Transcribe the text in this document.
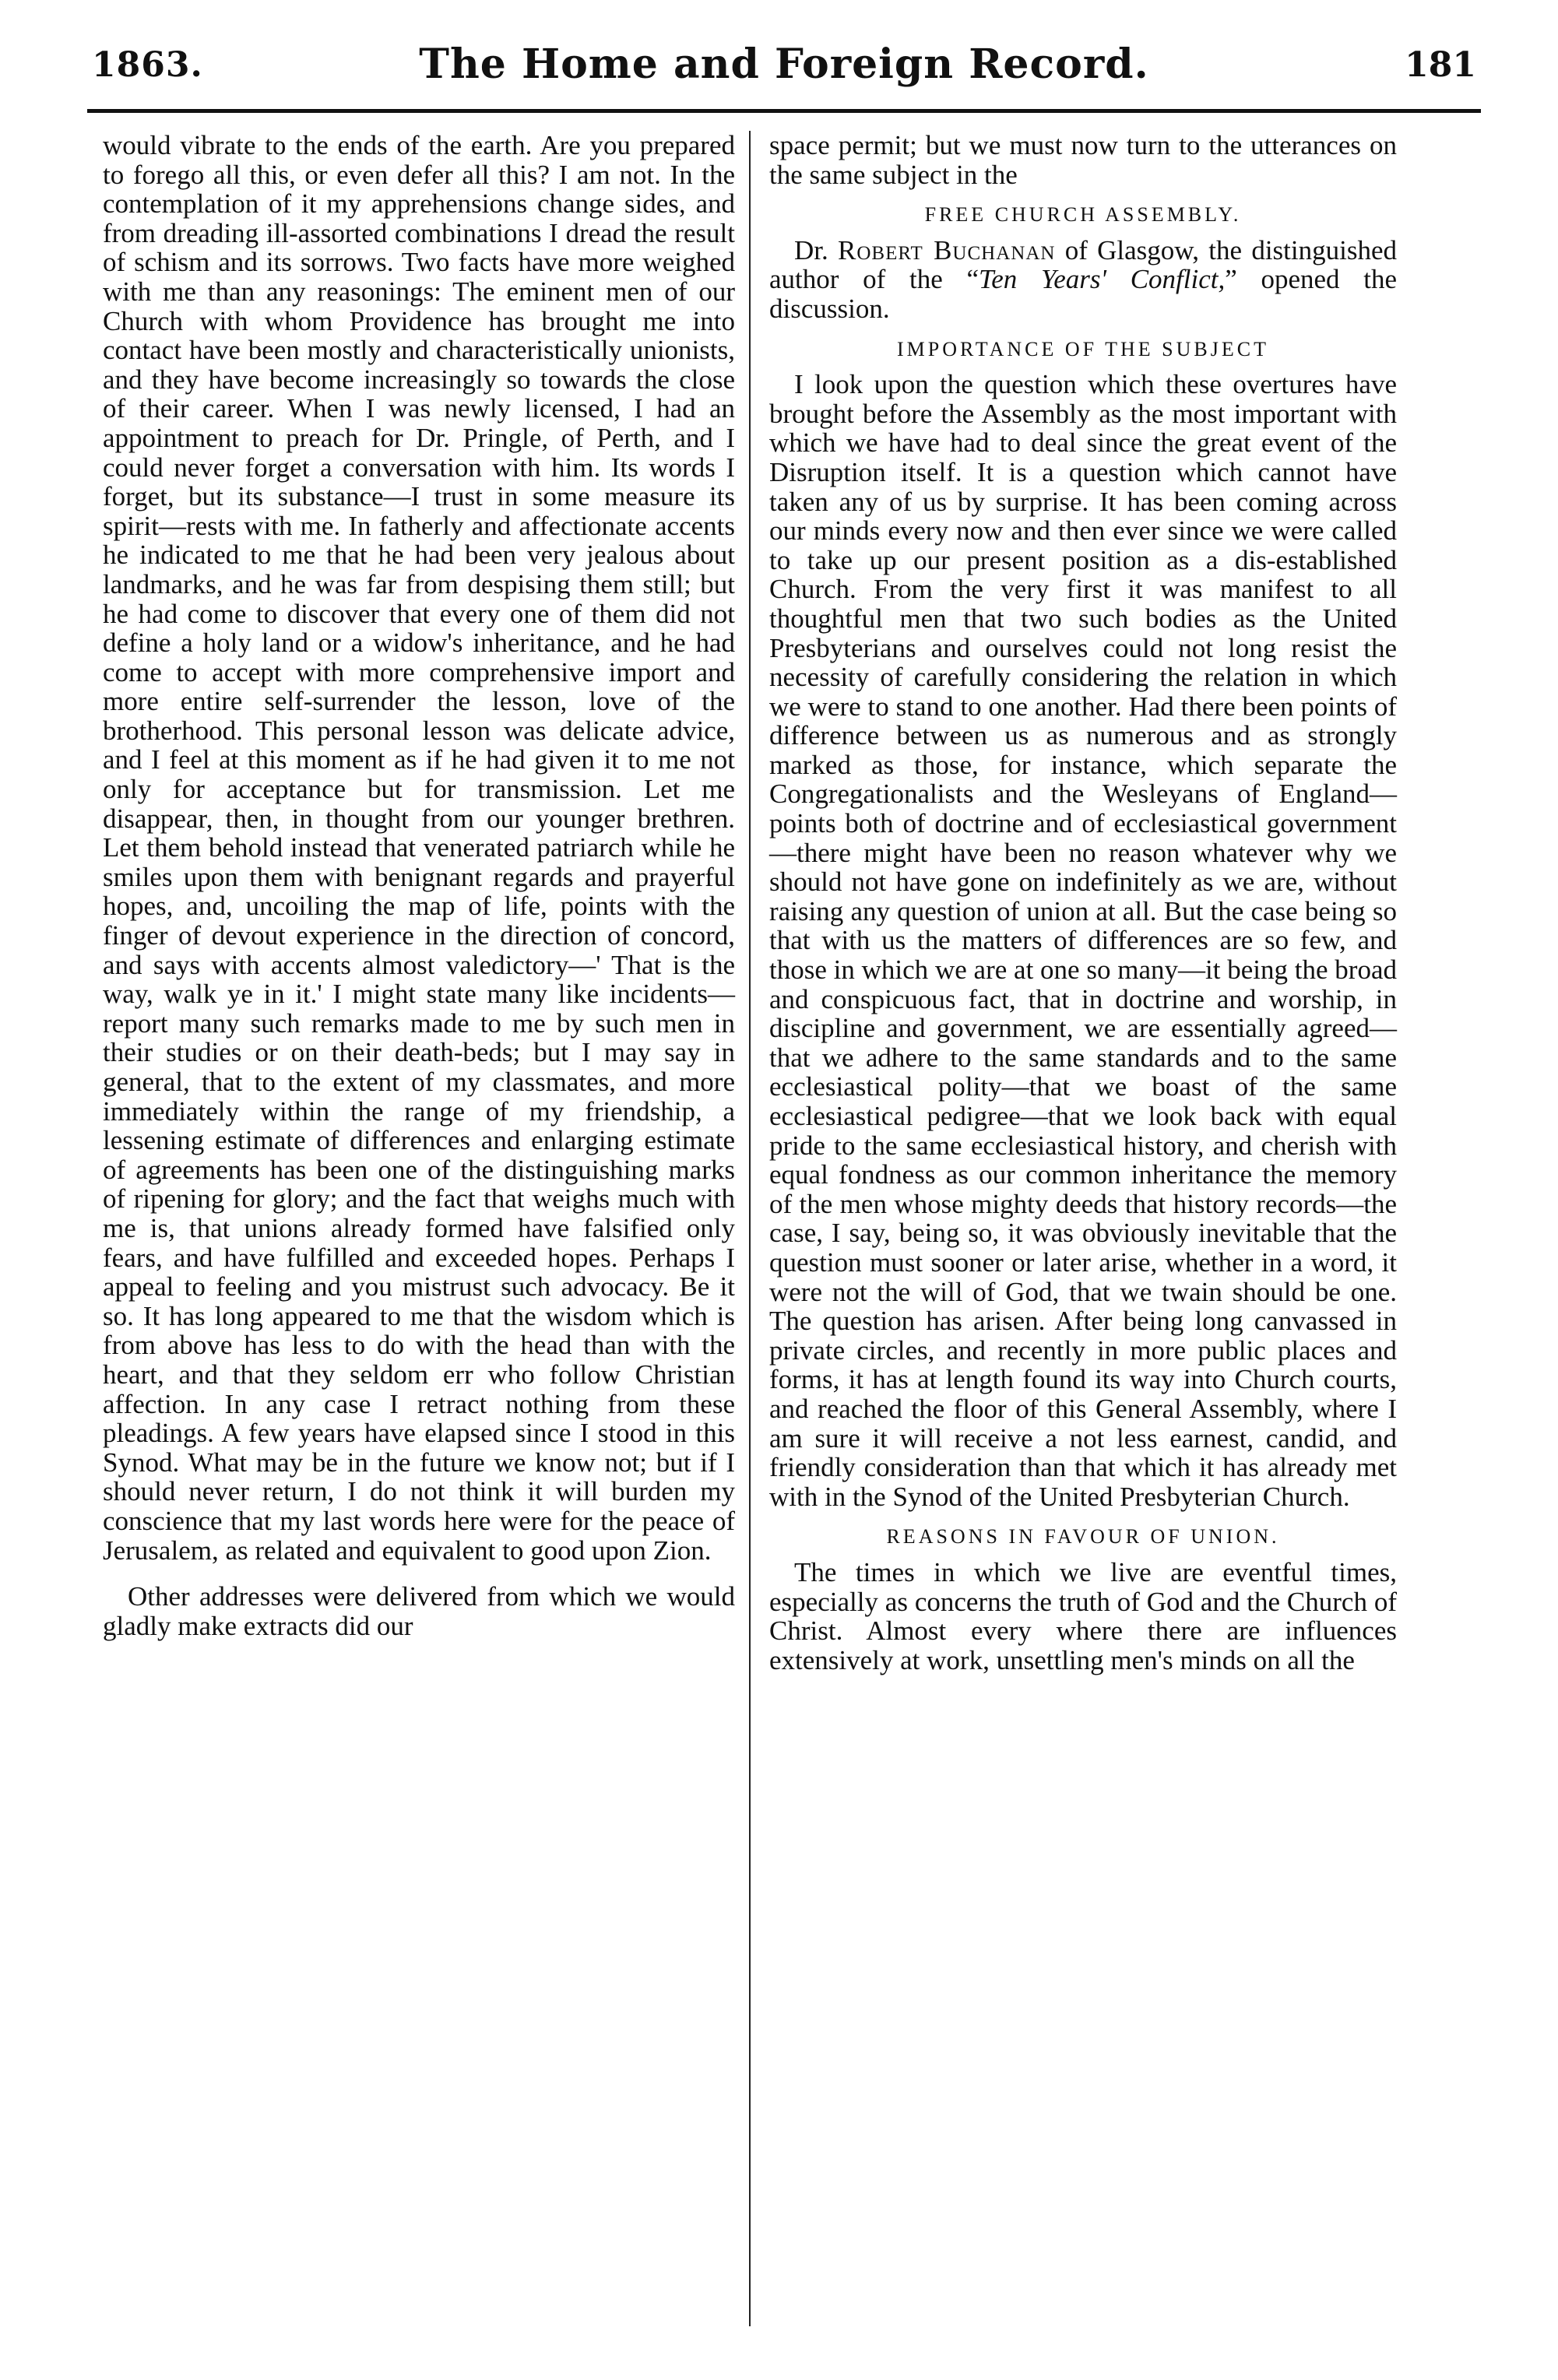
1863.	The Home and Foreign Record.	181

would vibrate to the ends of the earth. Are you prepared to forego all this, or even defer all this? I am not. In the contemplation of it my apprehensions change sides, and from dreading ill-assorted combinations I dread the result of schism and its sorrows. Two facts have more weighed with me than any reasonings: The eminent men of our Church with whom Providence has brought me into contact have been mostly and characteristically unionists, and they have become increasingly so towards the close of their career. When I was newly licensed, I had an appointment to preach for Dr. Pringle, of Perth, and I could never forget a conversation with him. Its words I forget, but its substance—I trust in some measure its spirit—rests with me. In fatherly and affectionate accents he indicated to me that he had been very jealous about landmarks, and he was far from despising them still; but he had come to discover that every one of them did not define a holy land or a widow's inheritance, and he had come to accept with more comprehensive import and more entire self-surrender the lesson, love of the brotherhood. This personal lesson was delicate advice, and I feel at this moment as if he had given it to me not only for acceptance but for transmission. Let me disappear, then, in thought from our younger brethren. Let them behold instead that venerated patriarch while he smiles upon them with benignant regards and prayerful hopes, and, uncoiling the map of life, points with the finger of devout experience in the direction of concord, and says with accents almost valedictory—' That is the way, walk ye in it.' I might state many like incidents—report many such remarks made to me by such men in their studies or on their death-beds; but I may say in general, that to the extent of my classmates, and more immediately within the range of my friendship, a lessening estimate of differences and enlarging estimate of agreements has been one of the distinguishing marks of ripening for glory; and the fact that weighs much with me is, that unions already formed have falsified only fears, and have fulfilled and exceeded hopes. Perhaps I appeal to feeling and you mistrust such advocacy. Be it so. It has long appeared to me that the wisdom which is from above has less to do with the head than with the heart, and that they seldom err who follow Christian affection. In any case I retract nothing from these pleadings. A few years have elapsed since I stood in this Synod. What may be in the future we know not; but if I should never return, I do not think it will burden my conscience that my last words here were for the peace of Jerusalem, as related and equivalent to good upon Zion.

Other addresses were delivered from which we would gladly make extracts did our

space permit; but we must now turn to the utterances on the same subject in the

FREE CHURCH ASSEMBLY.

Dr. Robert Buchanan of Glasgow, the distinguished author of the “Ten Years' Conflict,” opened the discussion.

IMPORTANCE OF THE SUBJECT

I look upon the question which these overtures have brought before the Assembly as the most important with which we have had to deal since the great event of the Disruption itself. It is a question which cannot have taken any of us by surprise. It has been coming across our minds every now and then ever since we were called to take up our present position as a dis-established Church. From the very first it was manifest to all thoughtful men that two such bodies as the United Presbyterians and ourselves could not long resist the necessity of carefully considering the relation in which we were to stand to one another. Had there been points of difference between us as numerous and as strongly marked as those, for instance, which separate the Congregationalists and the Wesleyans of England—points both of doctrine and of ecclesiastical government—there might have been no reason whatever why we should not have gone on indefinitely as we are, without raising any question of union at all. But the case being so that with us the matters of differences are so few, and those in which we are at one so many—it being the broad and conspicuous fact, that in doctrine and worship, in discipline and government, we are essentially agreed—that we adhere to the same standards and to the same ecclesiastical polity—that we boast of the same ecclesiastical pedigree—that we look back with equal pride to the same ecclesiastical history, and cherish with equal fondness as our common inheritance the memory of the men whose mighty deeds that history records—the case, I say, being so, it was obviously inevitable that the question must sooner or later arise, whether in a word, it were not the will of God, that we twain should be one. The question has arisen. After being long canvassed in private circles, and recently in more public places and forms, it has at length found its way into Church courts, and reached the floor of this General Assembly, where I am sure it will receive a not less earnest, candid, and friendly consideration than that which it has already met with in the Synod of the United Presbyterian Church.

REASONS IN FAVOUR OF UNION.

The times in which we live are eventful times, especially as concerns the truth of God and the Church of Christ. Almost every where there are influences extensively at work, unsettling men's minds on all the
